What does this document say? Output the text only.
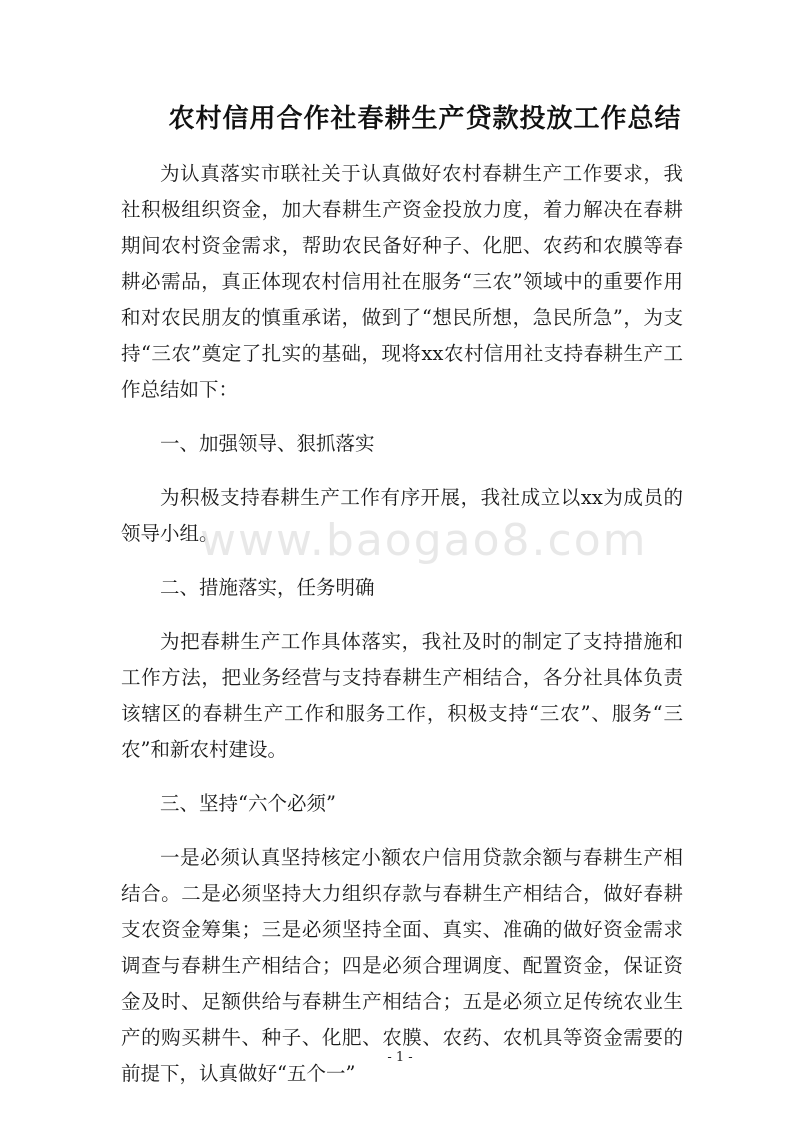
农村信用合作社春耕生产贷款投放工作总结

为认真落实市联社关于认真做好农村春耕生产工作要求，我社积极组织资金，加大春耕生产资金投放力度，着力解决在春耕期间农村资金需求，帮助农民备好种子、化肥、农药和农膜等春耕必需品，真正体现农村信用社在服务“三农”领域中的重要作用和对农民朋友的慎重承诺，做到了“想民所想，急民所急”，为支持“三农”奠定了扎实的基础，现将xx农村信用社支持春耕生产工作总结如下：

一、加强领导、狠抓落实

为积极支持春耕生产工作有序开展，我社成立以xx为成员的领导小组。

二、措施落实，任务明确

为把春耕生产工作具体落实，我社及时的制定了支持措施和工作方法，把业务经营与支持春耕生产相结合，各分社具体负责该辖区的春耕生产工作和服务工作，积极支持“三农”、服务“三农”和新农村建设。

三、坚持“六个必须”

一是必须认真坚持核定小额农户信用贷款余额与春耕生产相结合。二是必须坚持大力组织存款与春耕生产相结合，做好春耕支农资金筹集；三是必须坚持全面、真实、准确的做好资金需求调查与春耕生产相结合；四是必须合理调度、配置资金，保证资金及时、足额供给与春耕生产相结合；五是必须立足传统农业生产的购买耕牛、种子、化肥、农膜、农药、农机具等资金需要的前提下，认真做好“五个一”

www.baogao8.com
- 1 -
